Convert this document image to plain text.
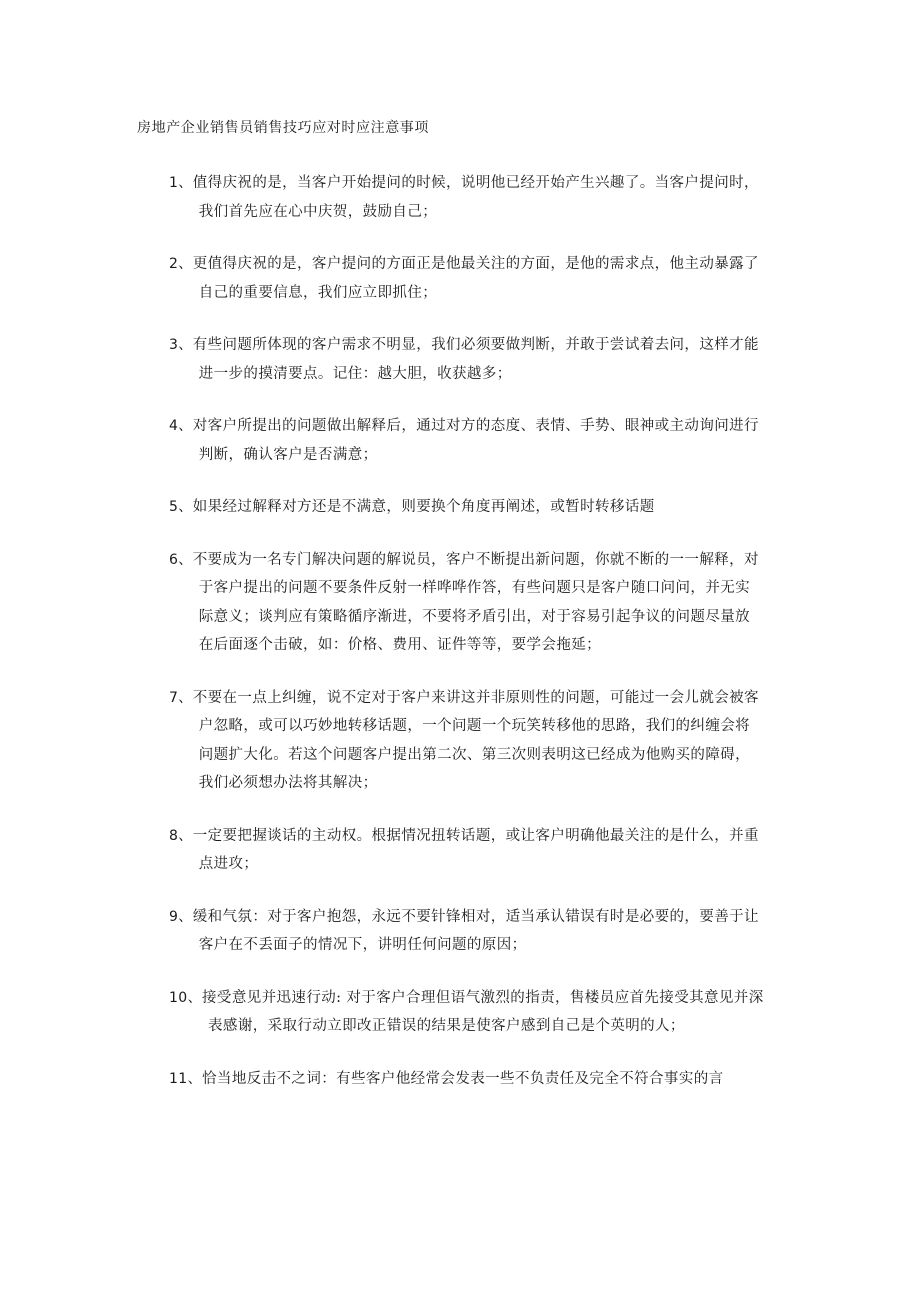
房地产企业销售员销售技巧应对时应注意事项
1、 值得庆祝的是，当客户开始提问的时候，说明他已经开始产生兴趣了。当客户提问时，
我们首先应在心中庆贺，鼓励自己；
2、 更值得庆祝的是，客户提问的方面正是他最关注的方面，是他的需求点，他主动暴露了
自己的重要信息，我们应立即抓住；
3、 有些问题所体现的客户需求不明显，我们必须要做判断，并敢于尝试着去问，这样才能
进一步的摸清要点。记住：越大胆，收获越多；
4、 对客户所提出的问题做出解释后，通过对方的态度、表情、手势、眼神或主动询问进行
判断，确认客户是否满意；
5、 如果经过解释对方还是不满意，则要换个角度再阐述，或暂时转移话题
6、 不要成为一名专门解决问题的解说员，客户不断提出新问题，你就不断的一一解释，对
于客户提出的问题不要条件反射一样哗哗作答，有些问题只是客户随口问问，并无实
际意义；谈判应有策略循序渐进，不要将矛盾引出，对于容易引起争议的问题尽量放
在后面逐个击破，如：价格、费用、证件等等，要学会拖延；
7、 不要在一点上纠缠，说不定对于客户来讲这并非原则性的问题，可能过一会儿就会被客
户忽略，或可以巧妙地转移话题，一个问题一个玩笑转移他的思路，我们的纠缠会将
问题扩大化。若这个问题客户提出第二次、第三次则表明这已经成为他购买的障碍，
我们必须想办法将其解决；
8、 一定要把握谈话的主动权。根据情况扭转话题，或让客户明确他最关注的是什么，并重
点进攻；
9、 缓和气氛：对于客户抱怨，永远不要针锋相对，适当承认错误有时是必要的，要善于让
客户在不丢面子的情况下，讲明任何问题的原因；
10、 接受意见并迅速行动: 对于客户合理但语气激烈的指责，售楼员应首先接受其意见并深
表感谢，采取行动立即改正错误的结果是使客户感到自己是个英明的人；
11、 恰当地反击不之词：有些客户他经常会发表一些不负责任及完全不符合事实的言
